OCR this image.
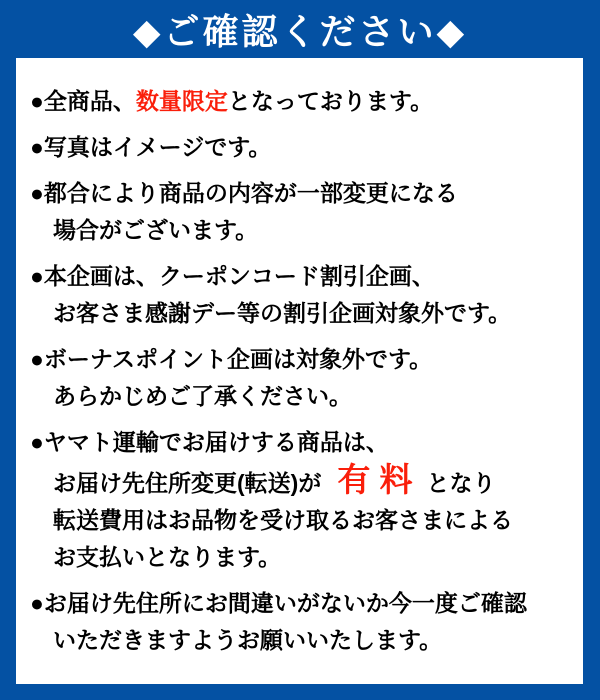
◆ご確認ください◆
●全商品、数量限定となっております。
●写真はイメージです。
●都合により商品の内容が一部変更になる
場合がございます。
●本企画は、クーポンコード割引企画、
お客さま感謝デー等の割引企画対象外です。
●ボーナスポイント企画は対象外です。
あらかじめご了承ください。
●ヤマト運輸でお届けする商品は、
お届け先住所変更(転送)が 有 料 となり
転送費用はお品物を受け取るお客さまによる
お支払いとなります。
●お届け先住所にお間違いがないか今一度ご確認
いただきますようお願いいたします。
